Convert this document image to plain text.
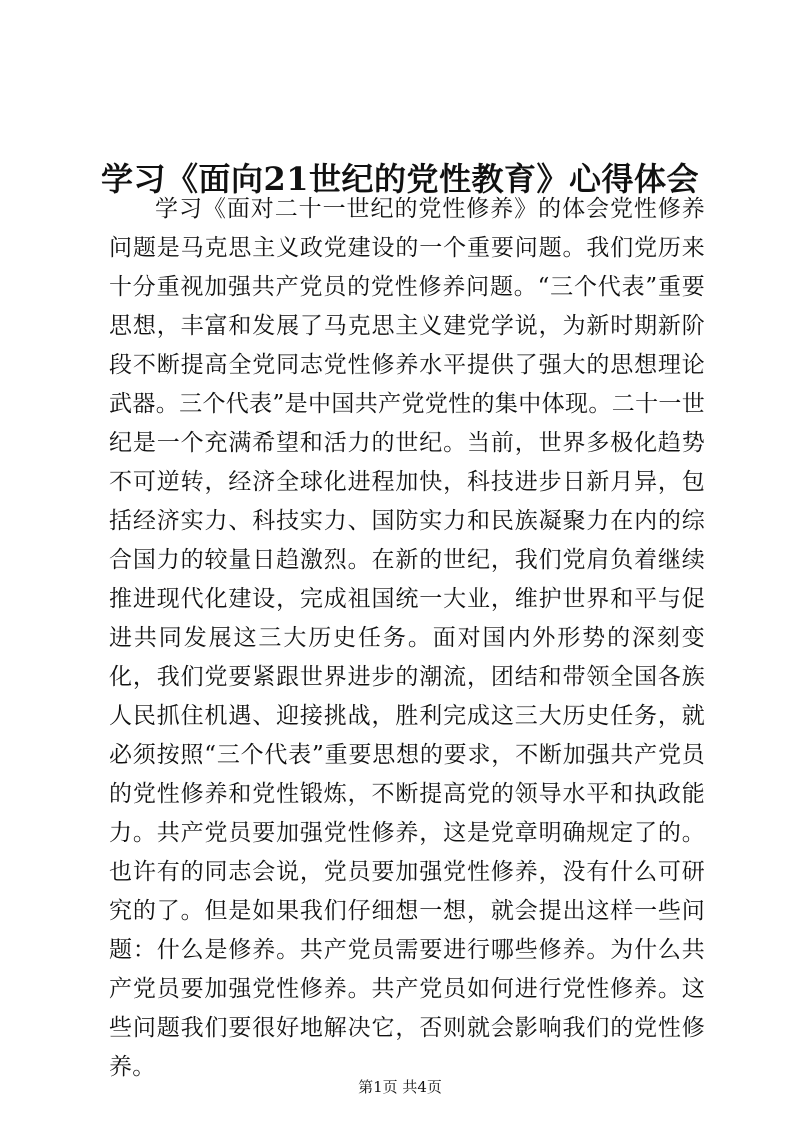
学习《面向21世纪的党性教育》心得体会

学习《面对二十一世纪的党性修养》的体会党性修养问题是马克思主义政党建设的一个重要问题。我们党历来十分重视加强共产党员的党性修养问题。“三个代表”重要思想，丰富和发展了马克思主义建党学说，为新时期新阶段不断提高全党同志党性修养水平提供了强大的思想理论武器。三个代表”是中国共产党党性的集中体现。二十一世纪是一个充满希望和活力的世纪。当前，世界多极化趋势不可逆转，经济全球化进程加快，科技进步日新月异，包括经济实力、科技实力、国防实力和民族凝聚力在内的综合国力的较量日趋激烈。在新的世纪，我们党肩负着继续推进现代化建设，完成祖国统一大业，维护世界和平与促进共同发展这三大历史任务。面对国内外形势的深刻变化，我们党要紧跟世界进步的潮流，团结和带领全国各族人民抓住机遇、迎接挑战，胜利完成这三大历史任务，就必须按照“三个代表”重要思想的要求，不断加强共产党员的党性修养和党性锻炼，不断提高党的领导水平和执政能力。共产党员要加强党性修养，这是党章明确规定了的。也许有的同志会说，党员要加强党性修养，没有什么可研究的了。但是如果我们仔细想一想，就会提出这样一些问题：什么是修养。共产党员需要进行哪些修养。为什么共产党员要加强党性修养。共产党员如何进行党性修养。这些问题我们要很好地解决它，否则就会影响我们的党性修养。

第1页 共4页
